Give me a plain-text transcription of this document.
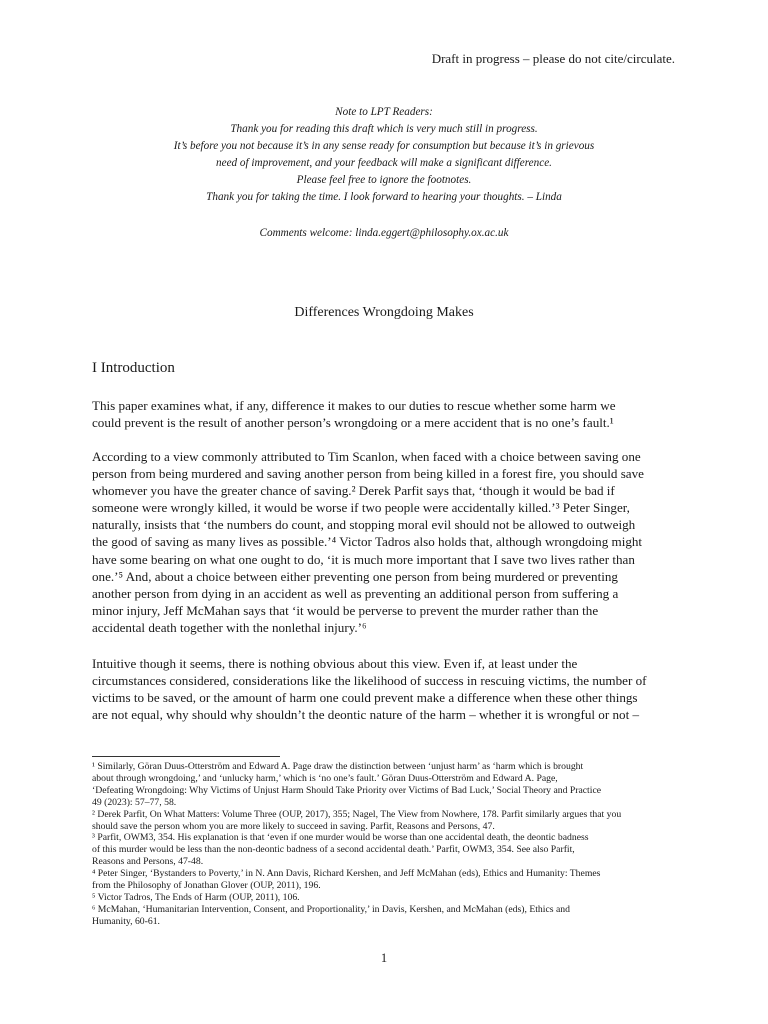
Draft in progress – please do not cite/circulate.
Note to LPT Readers:
Thank you for reading this draft which is very much still in progress.
It’s before you not because it’s in any sense ready for consumption but because it’s in grievous
need of improvement, and your feedback will make a significant difference.
Please feel free to ignore the footnotes.
Thank you for taking the time. I look forward to hearing your thoughts. – Linda
Comments welcome: linda.eggert@philosophy.ox.ac.uk
Differences Wrongdoing Makes
I Introduction
This paper examines what, if any, difference it makes to our duties to rescue whether some harm we
could prevent is the result of another person’s wrongdoing or a mere accident that is no one’s fault.¹
According to a view commonly attributed to Tim Scanlon, when faced with a choice between saving one
person from being murdered and saving another person from being killed in a forest fire, you should save
whomever you have the greater chance of saving.² Derek Parfit says that, ‘though it would be bad if
someone were wrongly killed, it would be worse if two people were accidentally killed.’³ Peter Singer,
naturally, insists that ‘the numbers do count, and stopping moral evil should not be allowed to outweigh
the good of saving as many lives as possible.’⁴ Victor Tadros also holds that, although wrongdoing might
have some bearing on what one ought to do, ‘it is much more important that I save two lives rather than
one.’⁵ And, about a choice between either preventing one person from being murdered or preventing
another person from dying in an accident as well as preventing an additional person from suffering a
minor injury, Jeff McMahan says that ‘it would be perverse to prevent the murder rather than the
accidental death together with the nonlethal injury.’⁶
Intuitive though it seems, there is nothing obvious about this view. Even if, at least under the
circumstances considered, considerations like the likelihood of success in rescuing victims, the number of
victims to be saved, or the amount of harm one could prevent make a difference when these other things
are not equal, why should why shouldn’t the deontic nature of the harm – whether it is wrongful or not –
¹ Similarly, Göran Duus-Otterström and Edward A. Page draw the distinction between ‘unjust harm’ as ‘harm which is brought
about through wrongdoing,’ and ‘unlucky harm,’ which is ‘no one’s fault.’ Göran Duus-Otterström and Edward A. Page,
‘Defeating Wrongdoing: Why Victims of Unjust Harm Should Take Priority over Victims of Bad Luck,’ Social Theory and Practice
49 (2023): 57–77, 58.
² Derek Parfit, On What Matters: Volume Three (OUP, 2017), 355; Nagel, The View from Nowhere, 178. Parfit similarly argues that you
should save the person whom you are more likely to succeed in saving. Parfit, Reasons and Persons, 47.
³ Parfit, OWM3, 354. His explanation is that ‘even if one murder would be worse than one accidental death, the deontic badness
of this murder would be less than the non-deontic badness of a second accidental death.’ Parfit, OWM3, 354. See also Parfit,
Reasons and Persons, 47-48.
⁴ Peter Singer, ‘Bystanders to Poverty,’ in N. Ann Davis, Richard Kershen, and Jeff McMahan (eds), Ethics and Humanity: Themes
from the Philosophy of Jonathan Glover (OUP, 2011), 196.
⁵ Victor Tadros, The Ends of Harm (OUP, 2011), 106.
⁶ McMahan, ‘Humanitarian Intervention, Consent, and Proportionality,’ in Davis, Kershen, and McMahan (eds), Ethics and
Humanity, 60-61.
1
